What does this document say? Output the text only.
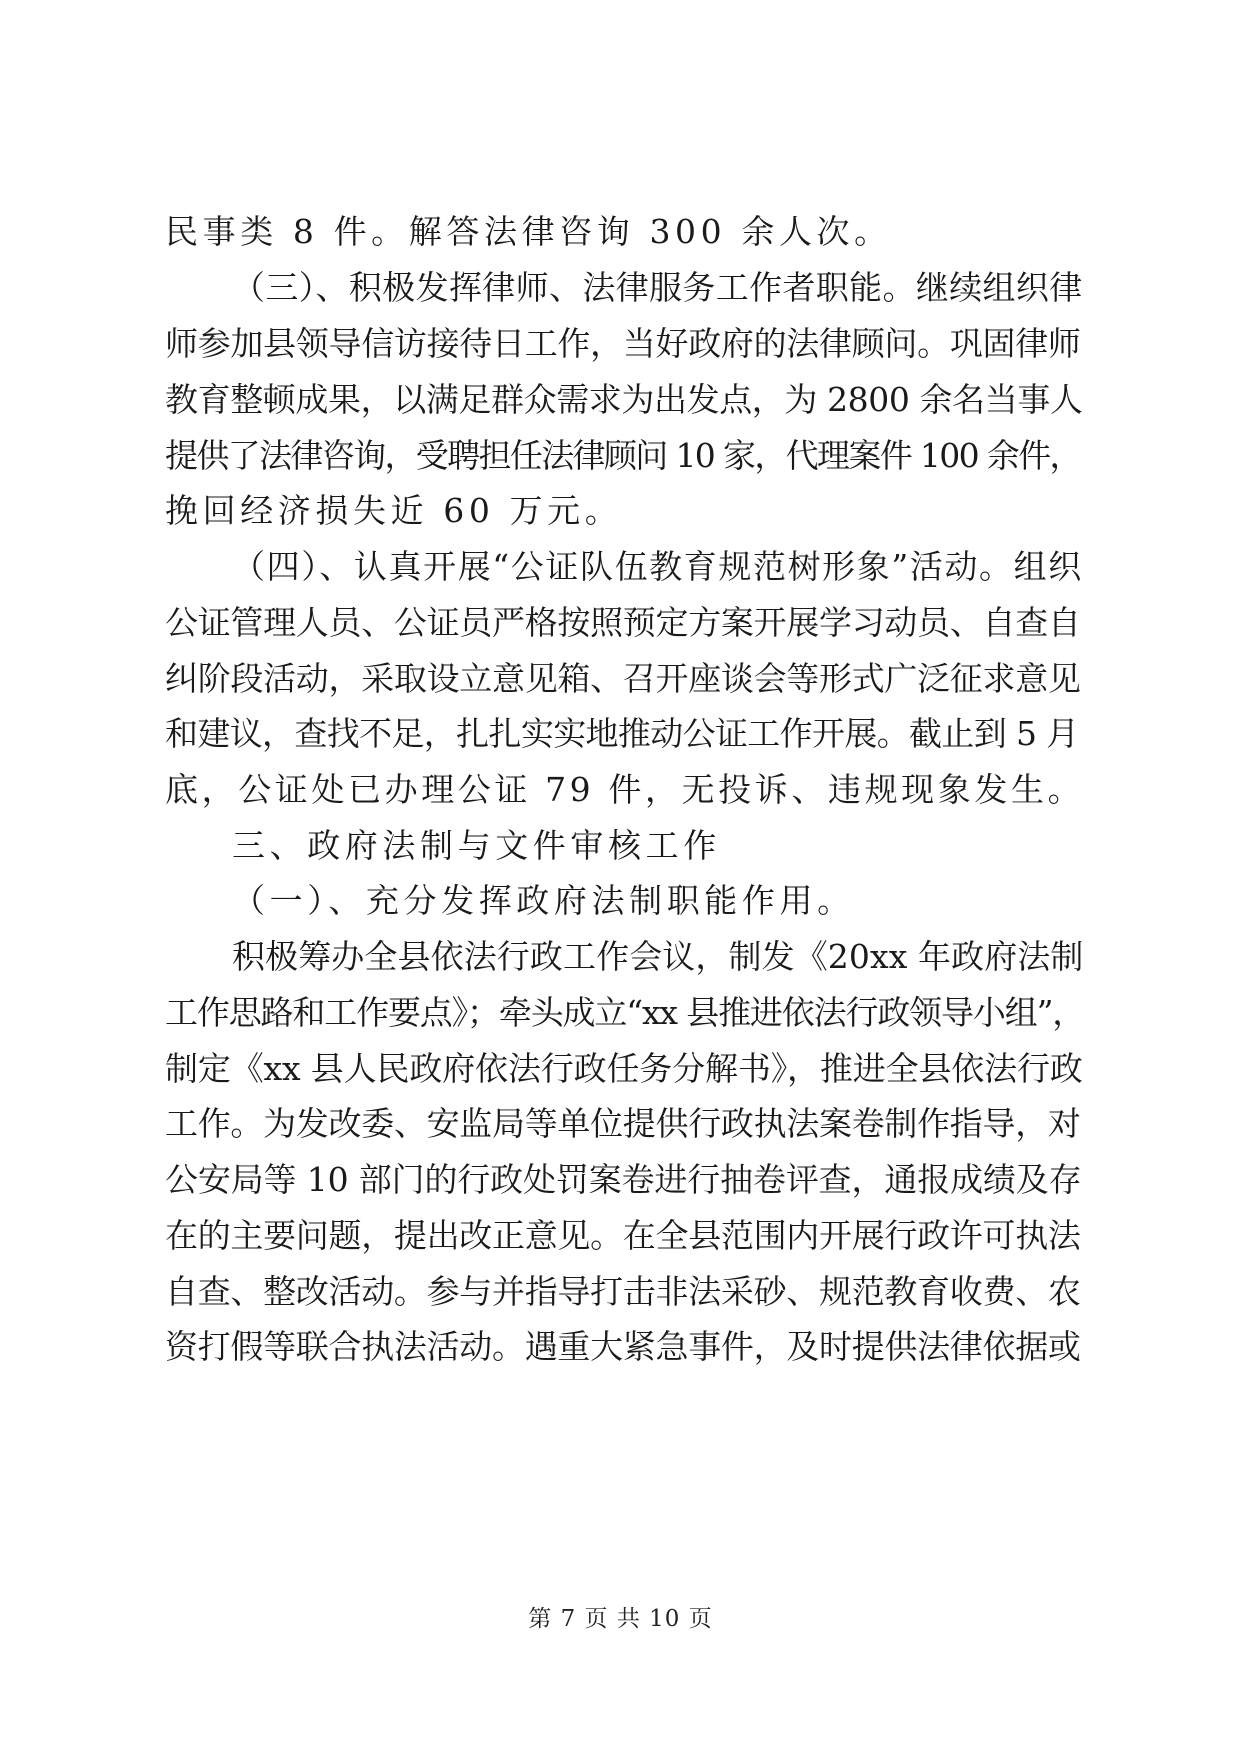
民事类 8 件。解答法律咨询 300 余人次。
（三）、积极发挥律师、法律服务工作者职能。继续组织律
师参加县领导信访接待日工作，当好政府的法律顾问。巩固律师
教育整顿成果，以满足群众需求为出发点，为 2800 余名当事人
提供了法律咨询，受聘担任法律顾问 10 家，代理案件 100 余件，
挽回经济损失近 60 万元。
（四）、认真开展“公证队伍教育规范树形象”活动。组织
公证管理人员、公证员严格按照预定方案开展学习动员、自查自
纠阶段活动，采取设立意见箱、召开座谈会等形式广泛征求意见
和建议，查找不足，扎扎实实地推动公证工作开展。截止到 5 月
底，公证处已办理公证 79 件，无投诉、违规现象发生。
三、政府法制与文件审核工作
（一）、充分发挥政府法制职能作用。
积极筹办全县依法行政工作会议，制发《20xx 年政府法制
工作思路和工作要点》；牵头成立“xx 县推进依法行政领导小组”，
制定《xx 县人民政府依法行政任务分解书》，推进全县依法行政
工作。为发改委、安监局等单位提供行政执法案卷制作指导，对
公安局等 10 部门的行政处罚案卷进行抽卷评查，通报成绩及存
在的主要问题，提出改正意见。在全县范围内开展行政许可执法
自查、整改活动。参与并指导打击非法采砂、规范教育收费、农
资打假等联合执法活动。遇重大紧急事件，及时提供法律依据或
第 7 页 共 10 页
